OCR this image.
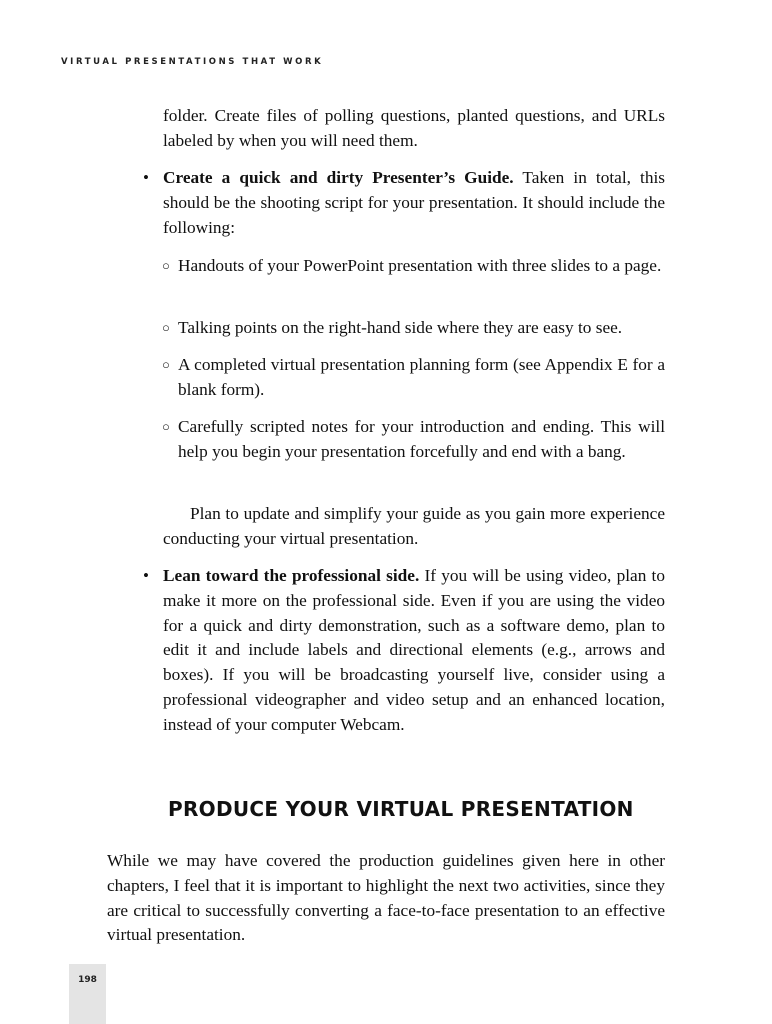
VIRTUAL PRESENTATIONS THAT WORK
folder. Create files of polling questions, planted questions, and URLs labeled by when you will need them.
• Create a quick and dirty Presenter’s Guide. Taken in total, this should be the shooting script for your presentation. It should include the following:
○ Handouts of your PowerPoint presentation with three slides to a page.
○ Talking points on the right-hand side where they are easy to see.
○ A completed virtual presentation planning form (see Appendix E for a blank form).
○ Carefully scripted notes for your introduction and ending. This will help you begin your presentation forcefully and end with a bang.
Plan to update and simplify your guide as you gain more experience conducting your virtual presentation.
• Lean toward the professional side. If you will be using video, plan to make it more on the professional side. Even if you are using the video for a quick and dirty demonstration, such as a software demo, plan to edit it and include labels and directional elements (e.g., arrows and boxes). If you will be broadcasting yourself live, consider using a professional videographer and video setup and an enhanced location, instead of your computer Webcam.
PRODUCE YOUR VIRTUAL PRESENTATION
While we may have covered the production guidelines given here in other chapters, I feel that it is important to highlight the next two activities, since they are critical to successfully converting a face-to-face presentation to an effective virtual presentation.
198
